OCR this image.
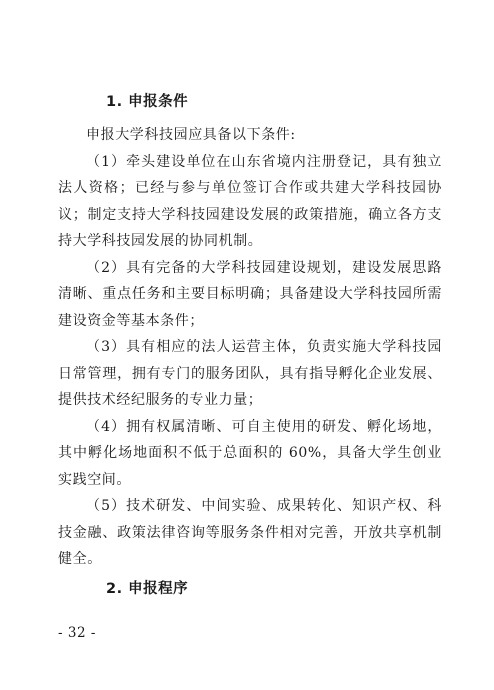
1. 申报条件

申报大学科技园应具备以下条件:

（1）牵头建设单位在山东省境内注册登记，具有独立法人资格；已经与参与单位签订合作或共建大学科技园协议；制定支持大学科技园建设发展的政策措施，确立各方支持大学科技园发展的协同机制。

（2）具有完备的大学科技园建设规划，建设发展思路清晰、重点任务和主要目标明确；具备建设大学科技园所需建设资金等基本条件；

（3）具有相应的法人运营主体，负责实施大学科技园日常管理，拥有专门的服务团队，具有指导孵化企业发展、提供技术经纪服务的专业力量；

（4）拥有权属清晰、可自主使用的研发、孵化场地，其中孵化场地面积不低于总面积的 60%，具备大学生创业实践空间。

（5）技术研发、中间实验、成果转化、知识产权、科技金融、政策法律咨询等服务条件相对完善，开放共享机制健全。

2. 申报程序
- 32 -
